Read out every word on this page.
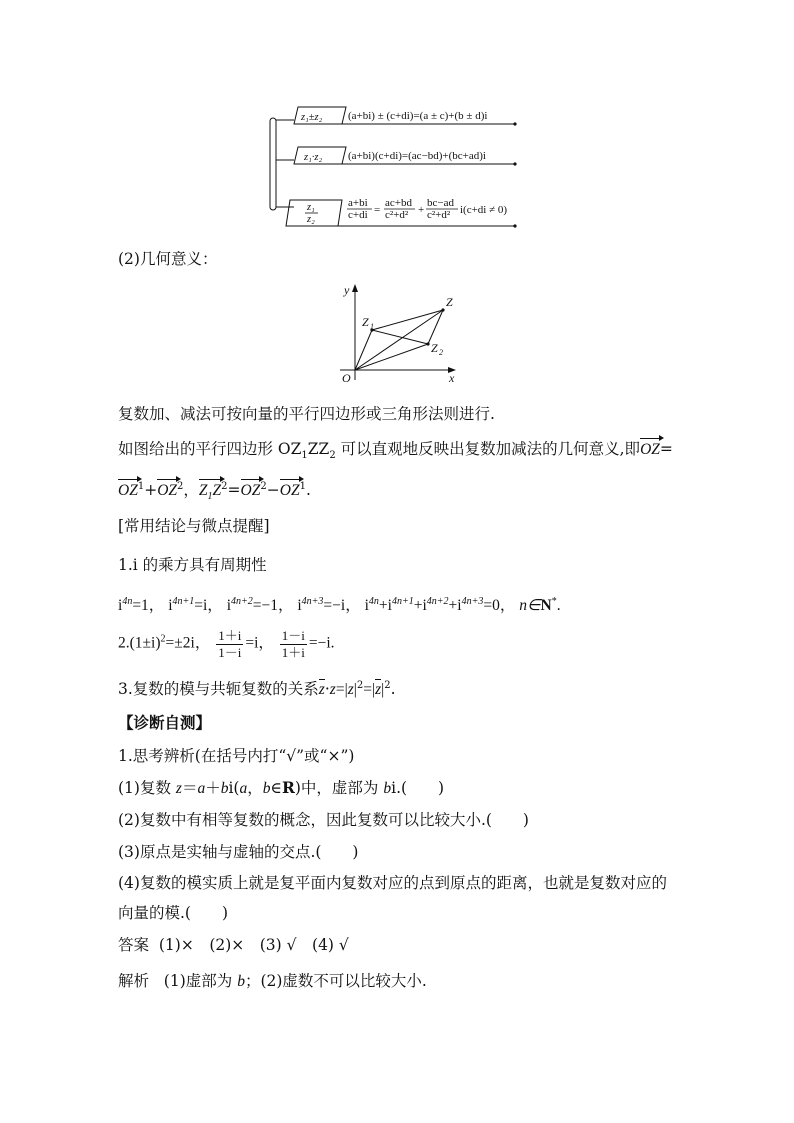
z₁±z₂
z₁·z₂
z₁
z₂
(a+bi) ± (c+di)=(a ± c)+(b ± d)i
(a+bi)(c+di)=(ac−bd)+(bc+ad)i
a+bi
c+di =
ac+bd
c²+d² +
bc−ad
c²+d² i(c+di ≠ 0)
(2)几何意义：
y
x
O
Z
Z 1
Z 2
复数加、减法可按向量的平行四边形或三角形法则进行.
如图给出的平行四边形 $OZ_1ZZ_2$ 可以直观地反映出复数加减法的几何意义,即OZ=
$OZ^1+OZ^2$，$Z_1Z^2=OZ^2-OZ^1$.
[常用结论与微点提醒]
1.i 的乘方具有周期性
$i^{4n}=1$， $i^{4n+1}=i$， $i^{4n+2}=-1$， $i^{4n+3}=-i$， $i^{4n}+i^{4n+1}+i^{4n+2}+i^{4n+3}=0$， n∈N*.
$2.(1\pm i)^2=\pm 2i$， $\frac{1+i}{1-i} =i$， $\frac{1-i}{1+i} =-i$.
3.复数的模与共轭复数的关系$z\cdot z=|z|^2=|z|^2$.
【诊断自测】
1.思考辨析(在括号内打“√”或“×”)
(1)复数 z＝a＋bi(a，b∈R)中，虚部为 bi.(　　)
(2)复数中有相等复数的概念，因此复数可以比较大小.(　　)
(3)原点是实轴与虚轴的交点.(　　)
(4)复数的模实质上就是复平面内复数对应的点到原点的距离，也就是复数对应的
向量的模.(　　)
答案 (1)×　(2)×　(3) √　(4) √
解析 (1)虚部为 b；(2)虚数不可以比较大小.
